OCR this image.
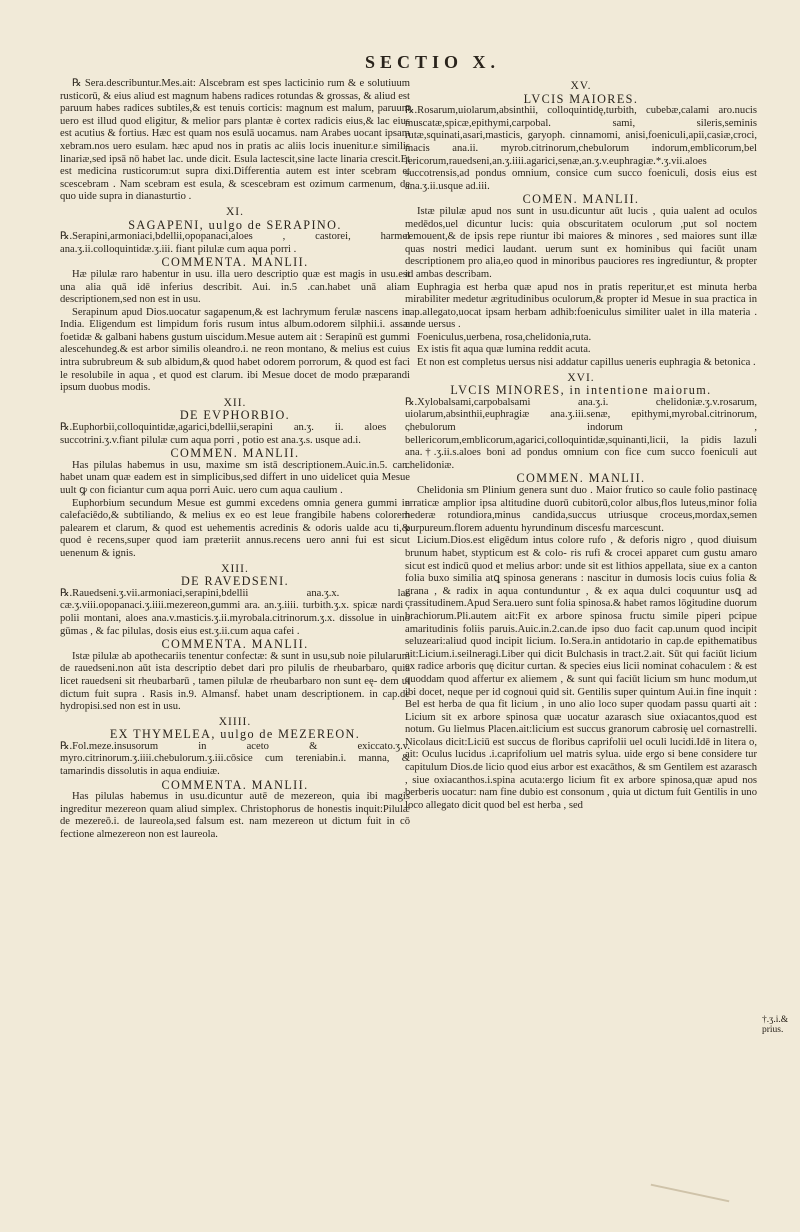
SECTIO X.

℞ Sera.describuntur.Mes.ait: Alscebram est spes lacticinio rum & e solutiuum rusticorū, & eius aliud est magnum habens radices rotundas & grossas, & aliud est paruum habes radices subtiles,& est tenuis corticis: magnum est malum, paruum uero est illud quod eligitur, & melior pars plantæ è cortex radicis eius,& lac eius est acutius & fortius. Hæc est quam nos esulā uocamus. nam Arabes uocant ipsam xebram.nos uero esulam. hæc apud nos in pratis ac aliis locis inuenitur.e similis linariæ,sed ipsā nō habet lac. unde dicit. Esula lactescit,sine lacte linaria crescit.Et est medicina rusticorum:ut supra dixi.Differentia autem est inter scebram et scescebram . Nam scebram est esula, & scescebram est ozimum carmenum, de quo uide supra in dianasturtio .

XI.

SAGAPENI, uulgo de SERAPINO.

℞.Serapini,armoniaci,bdellii,opopanaci,aloes , castorei, harmel ana.ʒ.ii.colloquintidæ.ʒ.iii. fiant pilulæ cum aqua porri .

COMMENTA. MANLII.

Hæ pilulæ raro habentur in usu. illa uero descriptio quæ est magis in usu.est una alia quā idē inferius describit. Aui. in.5 .can.habet unā aliam descriptionem,sed non est in usu.

Serapinum apud Dios.uocatur sagapenum,& est lachrymum ferulæ nascens in India. Eligendum est limpidum foris rusum intus album.odorem silphii.i. assæ foetidæ & galbani habens gustum uiscidum.Mesue autem ait : Serapinū est gummi alescehundeg.& est arbor similis oleandro.i. ne reon montano, & melius est cuius intra subrubreum & sub albidum,& quod habet odorem porrorum, & quod est faci le resolubile in aqua , et quod est clarum. ibi Mesue docet de modo præparandi ipsum duobus modis.

XII.

DE EVPHORBIO.

℞.Euphorbii,colloquintidæ,agarici,bdellii,serapini an.ʒ. ii. aloes , succotrini.ʒ.v.fiant pilulæ cum aqua porri , potio est ana.ʒ.s. usque ad.i.

COMMEN. MANLII.

Has pilulas habemus in usu, maxime sm istā descriptionem.Auic.in.5. can. habet unam quæ eadem est in simplicibus,sed differt in uno uidelicet quia Mesue uult ꝙ con ficiantur cum aqua porri Auic. uero cum aqua caulium .

Euphorbium secundum Mesue est gummi excedens omnia genera gummi in calefaciēdo,& subtiliando, & melius ex eo est leue frangibile habens colorem palearem et clarum, & quod est uehementis acredinis & odoris ualde acu ti,& quod è recens,super quod iam præteriit annus.recens uero anni fui est sicut uenenum & ignis.

XIII.

DE RAVEDSENI.

℞.Rauedseni.ʒ.vii.armoniaci,serapini,bdellii ana.ʒ.x. lac cæ.ʒ.viii.opopanaci.ʒ.iiii.mezereon,gummi ara. an.ʒ.iiii. turbith.ʒ.x. spicæ nardi , polii montani, aloes ana.v.masticis.ʒ.ii.myrobala.citrinorum.ʒ.x. dissolue in uino gūmas , & fac pilulas, dosis eius est.ʒ.ii.cum aqua cafei .

COMMENTA. MANLII.

Istæ pilulæ ab apothecariis tenentur confectæ: & sunt in usu,sub noie pilularum de rauedseni.non aūt ista descriptio debet dari pro pilulis de rheubarbaro, quia licet rauedseni sit rheubarbarū , tamen pilulæ de rheubarbaro non sunt eę- dem ut dictum fuit supra . Rasis in.9. Almansf. habet unam descriptionem. in cap.de hydropisi.sed non est in usu.

XIIII.

EX THYMELEA, uulgo de MEZEREON.

℞.Fol.meze.insusorum in aceto & exiccato.ʒ.v. myro.citrinorum.ʒ.iiii.chebulorum.ʒ.iii.cōsice cum tereniabin.i. manna, & tamarindis dissolutis in aqua endiuiæ.

COMMENTA. MANLII.

Has pilulas habemus in usu.dicuntur autē de mezereon, quia ibi magis ingreditur mezereon quam aliud simplex. Christophorus de honestis inquit:Pilulæ de mezereō.i. de laureola,sed falsum est. nam mezereon ut dictum fuit in cō fectione almezereon non est laureola.

XV.

LVCIS MAIORES.

℞.Rosarum,uiolarum,absinthii, colloquintidę,turbith, cubebæ,calami aro.nucis muscatæ,spicæ,epithymi,carpobal. sami, sileris,seminis rutæ,squinati,asari,masticis, garyoph. cinnamomi, anisi,foeniculi,apii,casiæ,croci, macis ana.ii. myrob.citrinorum,chebulorum indorum,emblicorum,bel lericorum,rauedseni,an.ʒ.iiii.agarici,senæ,an.ʒ.v.euphragiæ.*.ʒ.vii.aloes succotrensis,ad pondus omnium, consice cum succo foeniculi, dosis eius est ana.ʒ.ii.usque ad.iii.

COMEN. MANLII.

Istæ pilulæ apud nos sunt in usu.dicuntur aūt lucis , quia ualent ad oculos medēdos,uel dicuntur lucis: quia obscuritatem oculorum ,put sol noctem remouent,& de ipsis repe riuntur ibi maiores & minores , sed maiores sunt illæ quas nostri medici laudant. uerum sunt ex hominibus qui faciūt unam descriptionem pro alia,eo quod in minoribus pauciores res ingrediuntur, & propter id ambas describam.

Euphragia est herba quæ apud nos in pratis reperitur,et est minuta herba mirabiliter medetur ægritudinibus oculorum,& propter id Mesue in sua practica in cap.allegato,uocat ipsam herbam adhib:foeniculus similiter ualet in illa materia . unde uersus .

Foeniculus,uerbena, rosa,chelidonia,ruta.

Ex istis fit aqua quæ lumina reddit acuta.

Et non est completus uersus nisi addatur capillus ueneris euphragia & betonica .

XVI.

LVCIS MINORES, in intentione maiorum.

℞.Xylobalsami,carpobalsami ana.ʒ.i. chelidoniæ.ʒ.v.rosarum, uiolarum,absinthii,euphragiæ ana.ʒ.iii.senæ, epithymi,myrobal.citrinorum, chebulorum indorum , bellericorum,emblicorum,agarici,colloquintidæ,squinanti,licii, la pidis lazuli ana.†.ʒ.ii.s.aloes boni ad pondus omnium con fice cum succo foeniculi aut chelidoniæ.

COMMEN. MANLII.

Chelidonia sm Plinium genera sunt duo . Maior frutico so caule folio pastinacę erraticæ amplior ipsa altitudine duorū cubitorū,color albus,flos luteus,minor folia hederæ rotundiora,minus candida,succus utriusque croceus,mordax,semen purpureum.florem aduentu hyrundinum discesfu marcescunt.

Licium.Dios.est eligēdum intus colore rufo , & deforis nigro , quod diuisum brunum habet, stypticum est & colo- ris rufi & crocei apparet cum gustu amaro sicut est indicū quod et melius arbor: unde sit est lithios appellata, siue ex a canton folia buxo similia atꝗ spinosa generans : nascitur in dumosis locis cuius folia & grana , & radix in aqua contunduntur , & ex aqua dulci coquuntur usꝗ ad crassitudinem.Apud Sera.uero sunt folia spinosa.& habet ramos lōgitudine duorum brachiorum.Pli.autem ait:Fit ex arbore spinosa fructu simile piperi pcipue amaritudinis foliis paruis.Auic.in.2.can.de ipso duo facit cap.unum quod incipit seluzeari:aliud quod incipit licium. Io.Sera.in antidotario in cap.de epithematibus ait:Licium.i.seilneragi.Liber qui dicit Bulchasis in tract.2.ait. Sūt qui faciūt licium ex radice arboris quę dicitur curtan. & species eius licii nominat cohaculem : & est quoddam quod affertur ex aliemem , & sunt qui faciūt licium sm hunc modum,ut ibi docet, neque per id cognoui quid sit. Gentilis super quintum Aui.in fine inquit : Bel est herba de qua fit licium , in uno alio loco super quodam passu quarti ait : Licium sit ex arbore spinosa quæ uocatur azarasch siue oxiacantos,quod est notum. Gu lielmus Placen.ait:licium est succus granorum cabrosię uel cornastrelli. Nicolaus dicit:Liciū est succus de floribus caprifolii uel oculi lucidi.Idē in litera o, ait: Oculus lucidus .i.caprifolium uel matris sylua. uide ergo si bene considere tur capitulum Dios.de licio quod eius arbor est exacāthos, & sm Gentilem est azarasch , siue oxiacanthos.i.spina acuta:ergo licium fit ex arbore spinosa,quæ apud nos berberis uocatur: nam fine dubio est consonum , quia ut dictum fuit Gentilis in uno loco allegato dicit quod bel est herba , sed

†.ʒ.i.& prius.
